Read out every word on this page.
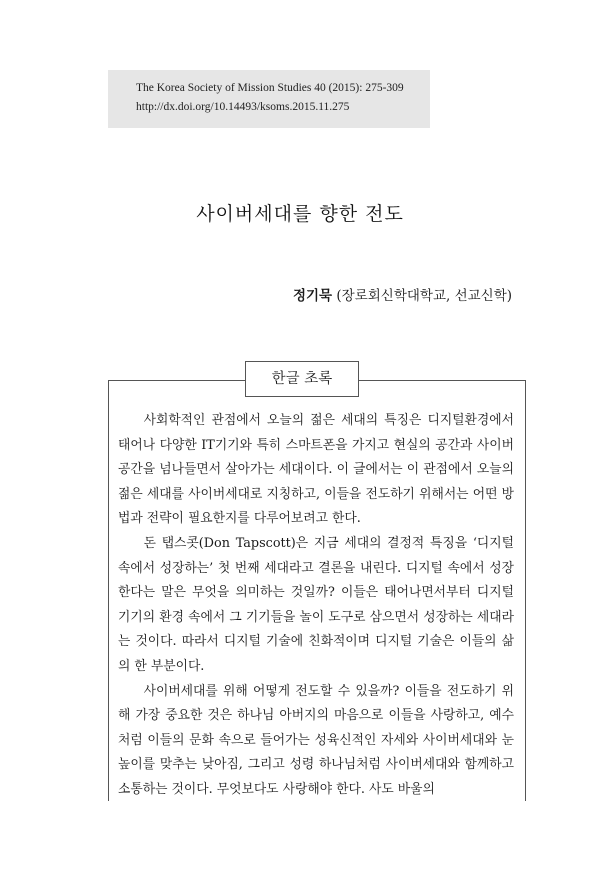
The Korea Society of Mission Studies 40 (2015): 275-309
http://dx.doi.org/10.14493/ksoms.2015.11.275
사이버세대를 향한 전도
정기묵 (장로회신학대학교, 선교신학)
한글 초록

사회학적인 관점에서 오늘의 젊은 세대의 특징은 디지털환경에서 태어나 다양한 IT기기와 특히 스마트폰을 가지고 현실의 공간과 사이버 공간을 넘나들면서 살아가는 세대이다. 이 글에서는 이 관점에서 오늘의 젊은 세대를 사이버세대로 지칭하고, 이들을 전도하기 위해서는 어떤 방법과 전략이 필요한지를 다루어보려고 한다.

돈 탭스콧(Don Tapscott)은 지금 세대의 결정적 특징을 ‘디지털 속에서 성장하는’ 첫 번째 세대라고 결론을 내린다. 디지털 속에서 성장한다는 말은 무엇을 의미하는 것일까? 이들은 태어나면서부터 디지털 기기의 환경 속에서 그 기기들을 놀이 도구로 삼으면서 성장하는 세대라는 것이다. 따라서 디지털 기술에 친화적이며 디지털 기술은 이들의 삶의 한 부분이다.

사이버세대를 위해 어떻게 전도할 수 있을까? 이들을 전도하기 위해 가장 중요한 것은 하나님 아버지의 마음으로 이들을 사랑하고, 예수처럼 이들의 문화 속으로 들어가는 성육신적인 자세와 사이버세대와 눈높이를 맞추는 낮아짐, 그리고 성령 하나님처럼 사이버세대와 함께하고 소통하는 것이다. 무엇보다도 사랑해야 한다. 사도 바울의
